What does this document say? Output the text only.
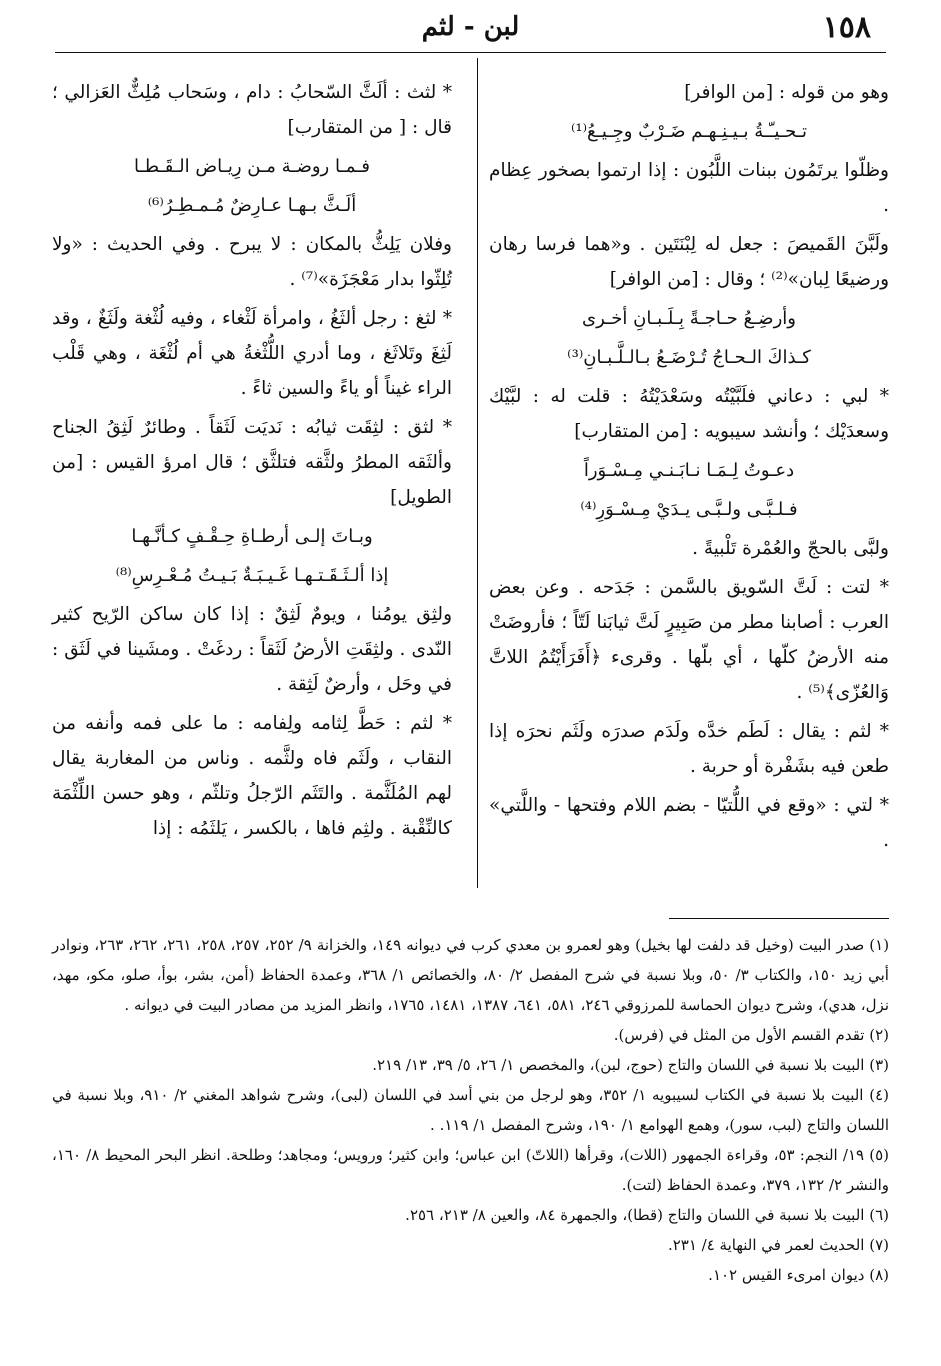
١٥٨
لبن - لثم

وهو من قوله : [من الوافر]

تـحـيـّـةُ بـيـنِـهـم ضَـرْبٌ وجِـيـعُ⁽¹⁾

وظلّوا يرتَمُون ببنات اللَّبُون : إذا ارتموا بصخور عِظام .

ولَبَّنَ القَميصَ : جعل له لِبْنَتَين . و«هما فرسا رهان ورضيعًا لِبان»⁽²⁾ ؛ وقال : [من الوافر]

وأرضِـعُ حـاجـةً بِـلَـبـانِ أخـرى

كـذاكَ الـحـاجُ تُـرْضَـعُ بـالـلَّـبـانِ⁽³⁾

* لبي : دعاني فلَبَّيْتُه وسَعْدَيْتُهُ : قلت له : لبَّيْك وسعدَيْك ؛ وأنشد سيبويه : [من المتقارب]

دعـوتُ لِـمَـا نـابَـنـي مِـسْـوَراً

فـلـبَّـى ولـبَّـى يـدَيْ مِـسْـوَرِ⁽⁴⁾

ولبَّى بالحجّ والعُمْرة تَلْبيةً .

* لتت : لَتَّ السّويق بالسَّمن : جَدَحه . وعن بعض العرب : أصابنا مطر من صَبِيرٍ لَتَّ ثيابَنا لَتّاً ؛ فأروضَتْ منه الأرضُ كلّها ، أي بلّها . وقرىء ﴿أَفَرَأَيْتُمُ اللاتَّ وَالعُزّى﴾⁽⁵⁾ .

* لثم : يقال : لَطَم خدَّه ولَدَم صدرَه ولَثَم نحرَه إذا طعن فيه بشَفْرة أو حربة .

* لتي : «وقع في اللُّتيّا - بضم اللام وفتحها - واللَّتي» .

* لثث : ألَثَّ السّحابُ : دام ، وسَحاب مُلِثٌّ العَزالي ؛ قال : [ من المتقارب]

فـمـا روضـة مـن رِيـاض الـقَـطـا

ألَـثَّ بـهـا عـارِضٌ مُـمـطِـرُ⁽⁶⁾

وفلان يَلِثُّ بالمكان : لا يبرح . وفي الحديث : «ولا تُلِثّوا بدار مَعْجَزَة»⁽⁷⁾ .

* لثغ : رجل ألثَغُ ، وامرأة لَثْغاء ، وفيه لُثْغة ولَثَغٌ ، وقد لَثِغَ وتَلاثَغ ، وما أدري اللُّثْغةُ هي أم لُثْغَة ، وهي قَلْب الراء غيناً أو ياءً والسين ثاءً .

* لثق : لثِقَت ثيابُه : نَديَت لَثَقاً . وطائرٌ لَثِقُ الجناح وألثَقه المطرُ ولثَّقه فتلثَّق ؛ قال امرؤ القيس : [من الطويل]

وبـاتَ إلـى أرطـاةِ حِـقْـفٍ كـأنَّـهـا

إذا ألـثَـقَـتـهـا غَـيـبَـةٌ بَـيـتُ مُـعْـرِسِ⁽⁸⁾

ولثِق يومُنا ، ويومٌ لَثِقٌ : إذا كان ساكن الرّيح كثير النّدى . ولثِقَتِ الأرضُ لَثَقاً : ردغَتْ . ومشَينا في لَثَق : في وحَل ، وأرضٌ لَثِقة .

* لثم : حَطَّ لِثامه ولِفامه : ما على فمه وأنفه من النقاب ، ولَثَم فاه ولثَّمه . وناس من المغاربة يقال لهم المُلَثَّمة . والتَثَم الرّجلُ وتلثّم ، وهو حسن اللِّثْمَة كالنِّقْبة . ولثِم فاها ، بالكسر ، يَلثَمُه : إذا

(١) صدر البيت (وخيل قد دلفت لها بخيل) وهو لعمرو بن معدي كرب في ديوانه ١٤٩، والخزانة ٩/ ٢٥٢، ٢٥٧، ٢٥٨، ٢٦١، ٢٦٢، ٢٦٣، ونوادر أبي زيد ١٥٠، والكتاب ٣/ ٥٠، وبلا نسبة في شرح المفصل ٢/ ٨٠، والخصائص ١/ ٣٦٨، وعمدة الحفاظ (أمن، بشر، بوأ، صلو، مكو، مهد، نزل، هدي)، وشرح ديوان الحماسة للمرزوقي ٢٤٦، ٥٨١، ٦٤١، ١٣٨٧، ١٤٨١، ١٧٦٥، وانظر المزيد من مصادر البيت في ديوانه .

(٢) تقدم القسم الأول من المثل في (فرس).

(٣) البيت بلا نسبة في اللسان والتاج (حوج، لبن)، والمخصص ١/ ٢٦، ٥/ ٣٩، ١٣/ ٢١٩.

(٤) البيت بلا نسبة في الكتاب لسيبويه ١/ ٣٥٢، وهو لرجل من بني أسد في اللسان (لبى)، وشرح شواهد المغني ٢/ ٩١٠، وبلا نسبة في اللسان والتاج (لبب، سور)، وهمع الهوامع ١/ ١٩٠، وشرح المفصل ١/ ١١٩. .

(٥) ١٩/ النجم: ٥٣، وقراءة الجمهور (اللات)، وقرأها (اللاتّ) ابن عباس؛ وابن كثير؛ ورويس؛ ومجاهد؛ وطلحة. انظر البحر المحيط ٨/ ١٦٠، والنشر ٢/ ١٣٢، ٣٧٩، وعمدة الحفاظ (لتت).

(٦) البيت بلا نسبة في اللسان والتاج (قطا)، والجمهرة ٨٤، والعين ٨/ ٢١٣، ٢٥٦.

(٧) الحديث لعمر في النهاية ٤/ ٢٣١.

(٨) ديوان امرىء القيس ١٠٢.
